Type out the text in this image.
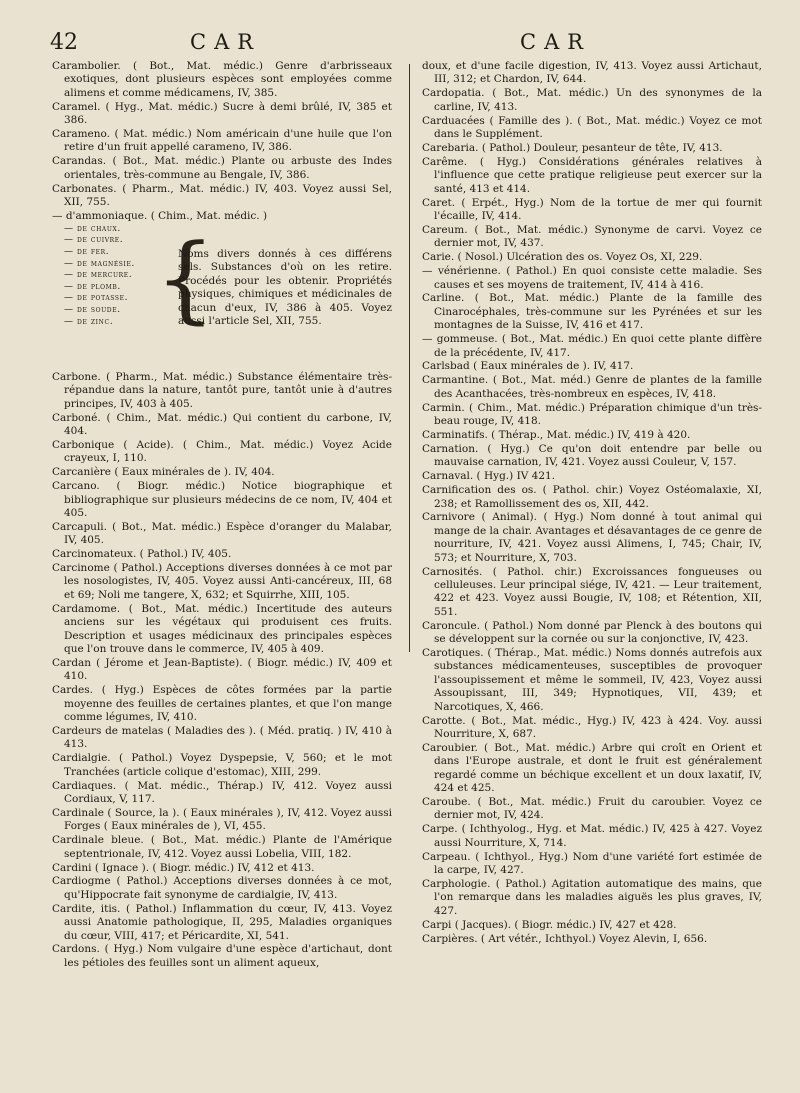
42	CAR	CAR
Carambolier. ( Bot., Mat. médic.) Genre d'arbrisseaux exotiques, dont plusieurs espèces sont employées comme alimens et comme médicamens, IV, 385.
Caramel. ( Hyg., Mat. médic.) Sucre à demi brûlé, IV, 385 et 386.
Carameno. ( Mat. médic.) Nom américain d'une huile que l'on retire d'un fruit appellé carameno, IV, 386.
Carandas. ( Bot., Mat. médic.) Plante ou arbuste des Indes orientales, très-commune au Bengale, IV, 386.
Carbonates. ( Pharm., Mat. médic.) IV, 403. Voyez aussi Sel, XII, 755.
— d'ammoniaque. ( Chim., Mat. médic. )
— de chaux.
— de cuivre.
— de fer.
— de magnésie.
— de mercure.
— de plomb.
— de potasse.
— de soude.
— de zinc. {
Noms divers donnés à ces différens sels. Substances d'où on les retire. Procédés pour les obtenir. Propriétés physiques, chimiques et médicinales de chacun d'eux, IV, 386 à 405. Voyez aussi l'article Sel, XII, 755.
Carbone. ( Pharm., Mat. médic.) Substance élémentaire très-répandue dans la nature, tantôt pure, tantôt unie à d'autres principes, IV, 403 à 405.
Carboné. ( Chim., Mat. médic.) Qui contient du carbone, IV, 404.
Carbonique ( Acide). ( Chim., Mat. médic.) Voyez Acide crayeux, I, 110.
Carcanière ( Eaux minérales de ). IV, 404.
Carcano. ( Biogr. médic.) Notice biographique et bibliographique sur plusieurs médecins de ce nom, IV, 404 et 405.
Carcapuli. ( Bot., Mat. médic.) Espèce d'oranger du Malabar, IV, 405.
Carcinomateux. ( Pathol.) IV, 405.
Carcinome ( Pathol.) Acceptions diverses données à ce mot par les nosologistes, IV, 405. Voyez aussi Anti-cancéreux, III, 68 et 69; Noli me tangere, X, 632; et Squirrhe, XIII, 105.
Cardamome. ( Bot., Mat. médic.) Incertitude des auteurs anciens sur les végétaux qui produisent ces fruits. Description et usages médicinaux des principales espèces que l'on trouve dans le commerce, IV, 405 à 409.
Cardan ( Jérome et Jean-Baptiste). ( Biogr. médic.) IV, 409 et 410.
Cardes. ( Hyg.) Espèces de côtes formées par la partie moyenne des feuilles de certaines plantes, et que l'on mange comme légumes, IV, 410.
Cardeurs de matelas ( Maladies des ). ( Méd. pratiq. ) IV, 410 à 413.
Cardialgie. ( Pathol.) Voyez Dyspepsie, V, 560; et le mot Tranchées (article colique d'estomac), XIII, 299.
Cardiaques. ( Mat. médic., Thérap.) IV, 412. Voyez aussi Cordiaux, V, 117.
Cardinale ( Source, la ). ( Eaux minérales ), IV, 412. Voyez aussi Forges ( Eaux minérales de ), VI, 455.
Cardinale bleue. ( Bot., Mat. médic.) Plante de l'Amérique septentrionale, IV, 412. Voyez aussi Lobelia, VIII, 182.
Cardini ( Ignace ). ( Biogr. médic.) IV, 412 et 413.
Cardiogme ( Pathol.) Acceptions diverses données à ce mot, qu'Hippocrate fait synonyme de cardialgie, IV, 413.
Cardite, itis. ( Pathol.) Inflammation du cœur, IV, 413. Voyez aussi Anatomie pathologique, II, 295, Maladies organiques du cœur, VIII, 417; et Péricardite, XI, 541.
Cardons. ( Hyg.) Nom vulgaire d'une espèce d'artichaut, dont les pétioles des feuilles sont un aliment aqueux,
doux, et d'une facile digestion, IV, 413. Voyez aussi Artichaut, III, 312; et Chardon, IV, 644.
Cardopatia. ( Bot., Mat. médic.) Un des synonymes de la carline, IV, 413.
Carduacées ( Famille des ). ( Bot., Mat. médic.) Voyez ce mot dans le Supplément.
Carebaria. ( Pathol.) Douleur, pesanteur de tête, IV, 413.
Carême. ( Hyg.) Considérations générales relatives à l'influence que cette pratique religieuse peut exercer sur la santé, 413 et 414.
Caret. ( Erpét., Hyg.) Nom de la tortue de mer qui fournit l'écaille, IV, 414.
Careum. ( Bot., Mat. médic.) Synonyme de carvi. Voyez ce dernier mot, IV, 437.
Carie. ( Nosol.) Ulcération des os. Voyez Os, XI, 229.
— vénérienne. ( Pathol.) En quoi consiste cette maladie. Ses causes et ses moyens de traitement, IV, 414 à 416.
Carline. ( Bot., Mat. médic.) Plante de la famille des Cinarocéphales, très-commune sur les Pyrénées et sur les montagnes de la Suisse, IV, 416 et 417.
— gommeuse. ( Bot., Mat. médic.) En quoi cette plante diffère de la précédente, IV, 417.
Carlsbad ( Eaux minérales de ). IV, 417.
Carmantine. ( Bot., Mat. méd.) Genre de plantes de la famille des Acanthacées, très-nombreux en espèces, IV, 418.
Carmin. ( Chim., Mat. médic.) Préparation chimique d'un très-beau rouge, IV, 418.
Carminatifs. ( Thérap., Mat. médic.) IV, 419 à 420.
Carnation. ( Hyg.) Ce qu'on doit entendre par belle ou mauvaise carnation, IV, 421. Voyez aussi Couleur, V, 157.
Carnaval. ( Hyg.) IV 421.
Carnification des os. ( Pathol. chir.) Voyez Ostéomalaxie, XI, 238; et Ramollissement des os, XII, 442.
Carnivore ( Animal). ( Hyg.) Nom donné à tout animal qui mange de la chair. Avantages et désavantages de ce genre de nourriture, IV, 421. Voyez aussi Alimens, I, 745; Chair, IV, 573; et Nourriture, X, 703.
Carnosités. ( Pathol. chir.) Excroissances fongueuses ou celluleuses. Leur principal siége, IV, 421. — Leur traitement, 422 et 423. Voyez aussi Bougie, IV, 108; et Rétention, XII, 551.
Caroncule. ( Pathol.) Nom donné par Plenck à des boutons qui se développent sur la cornée ou sur la conjonctive, IV, 423.
Carotiques. ( Thérap., Mat. médic.) Noms donnés autrefois aux substances médicamenteuses, susceptibles de provoquer l'assoupissement et même le sommeil, IV, 423, Voyez aussi Assoupissant, III, 349; Hypnotiques, VII, 439; et Narcotiques, X, 466.
Carotte. ( Bot., Mat. médic., Hyg.) IV, 423 à 424. Voy. aussi Nourriture, X, 687.
Caroubier. ( Bot., Mat. médic.) Arbre qui croît en Orient et dans l'Europe australe, et dont le fruit est généralement regardé comme un béchique excellent et un doux laxatif, IV, 424 et 425.
Caroube. ( Bot., Mat. médic.) Fruit du caroubier. Voyez ce dernier mot, IV, 424.
Carpe. ( Ichthyolog., Hyg. et Mat. médic.) IV, 425 à 427. Voyez aussi Nourriture, X, 714.
Carpeau. ( Ichthyol., Hyg.) Nom d'une variété fort estimée de la carpe, IV, 427.
Carphologie. ( Pathol.) Agitation automatique des mains, que l'on remarque dans les maladies aiguës les plus graves, IV, 427.
Carpi ( Jacques). ( Biogr. médic.) IV, 427 et 428.
Carpières. ( Art vétér., Ichthyol.) Voyez Alevin, I, 656.
